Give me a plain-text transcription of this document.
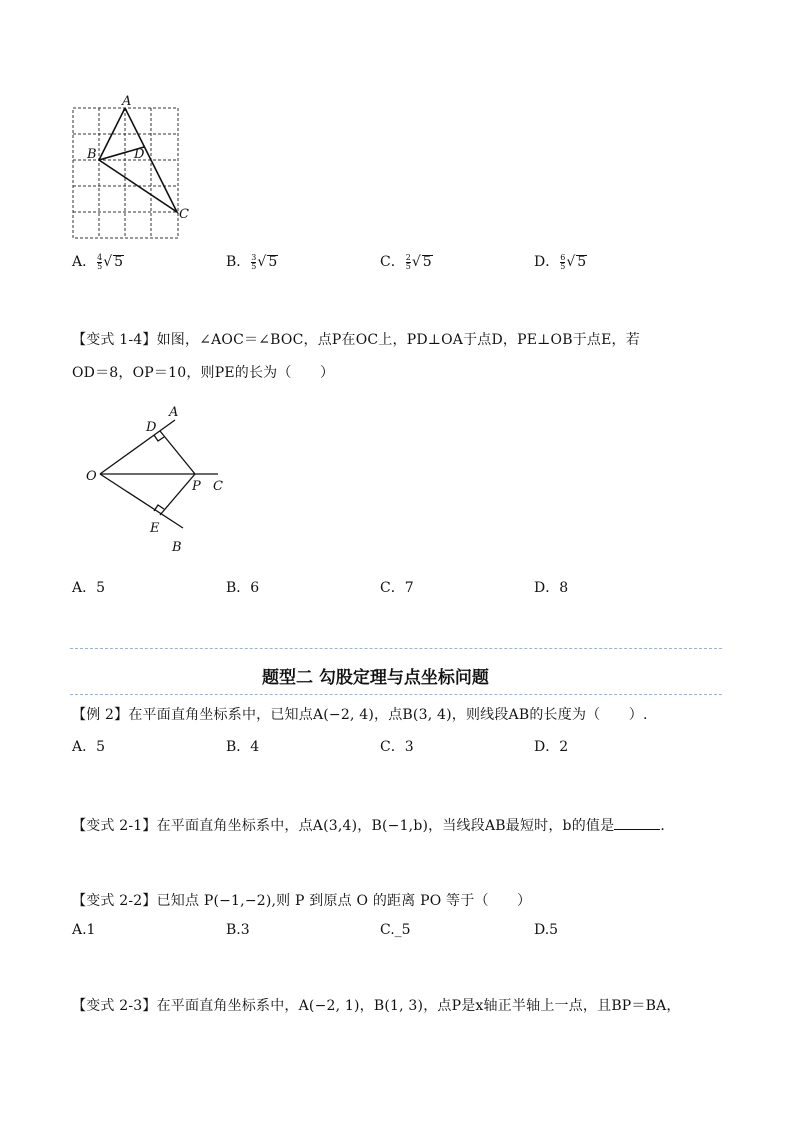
A
B	D
C
A． $\frac{4}{5}$ √ 5	B． $\frac{3}{5}$ √ 5	C． $\frac{2}{5}$ √ 5	D． $\frac{6}{5}$ √ 5
【变式 1-4】如图，∠AOC＝∠BOC，点P在OC上，PD⊥OA于点D，PE⊥OB于点E，若
OD＝8，OP＝10，则PE的长为（　　）
O
D
A
P C
E
B
A．5	B．6	C．7	D．8
题型二 勾股定理与点坐标问题
【例 2】在平面直角坐标系中，已知点A(−2, 4)，点B(3, 4)，则线段AB的长度为（　　）.
A．5	B．4	C．3	D．2
【变式 2-1】在平面直角坐标系中，点A(3,4)，B(−1,b)，当线段AB最短时，b的值是	．
【变式 2-2】已知点 P(−1,−2),则 P 到原点 O 的距离 PO 等于（　　）
A.1	B.3	C._5	D.5
【变式 2-3】在平面直角坐标系中，A(−2, 1)，B(1, 3)，点P是x轴正半轴上一点，且BP＝BA，
